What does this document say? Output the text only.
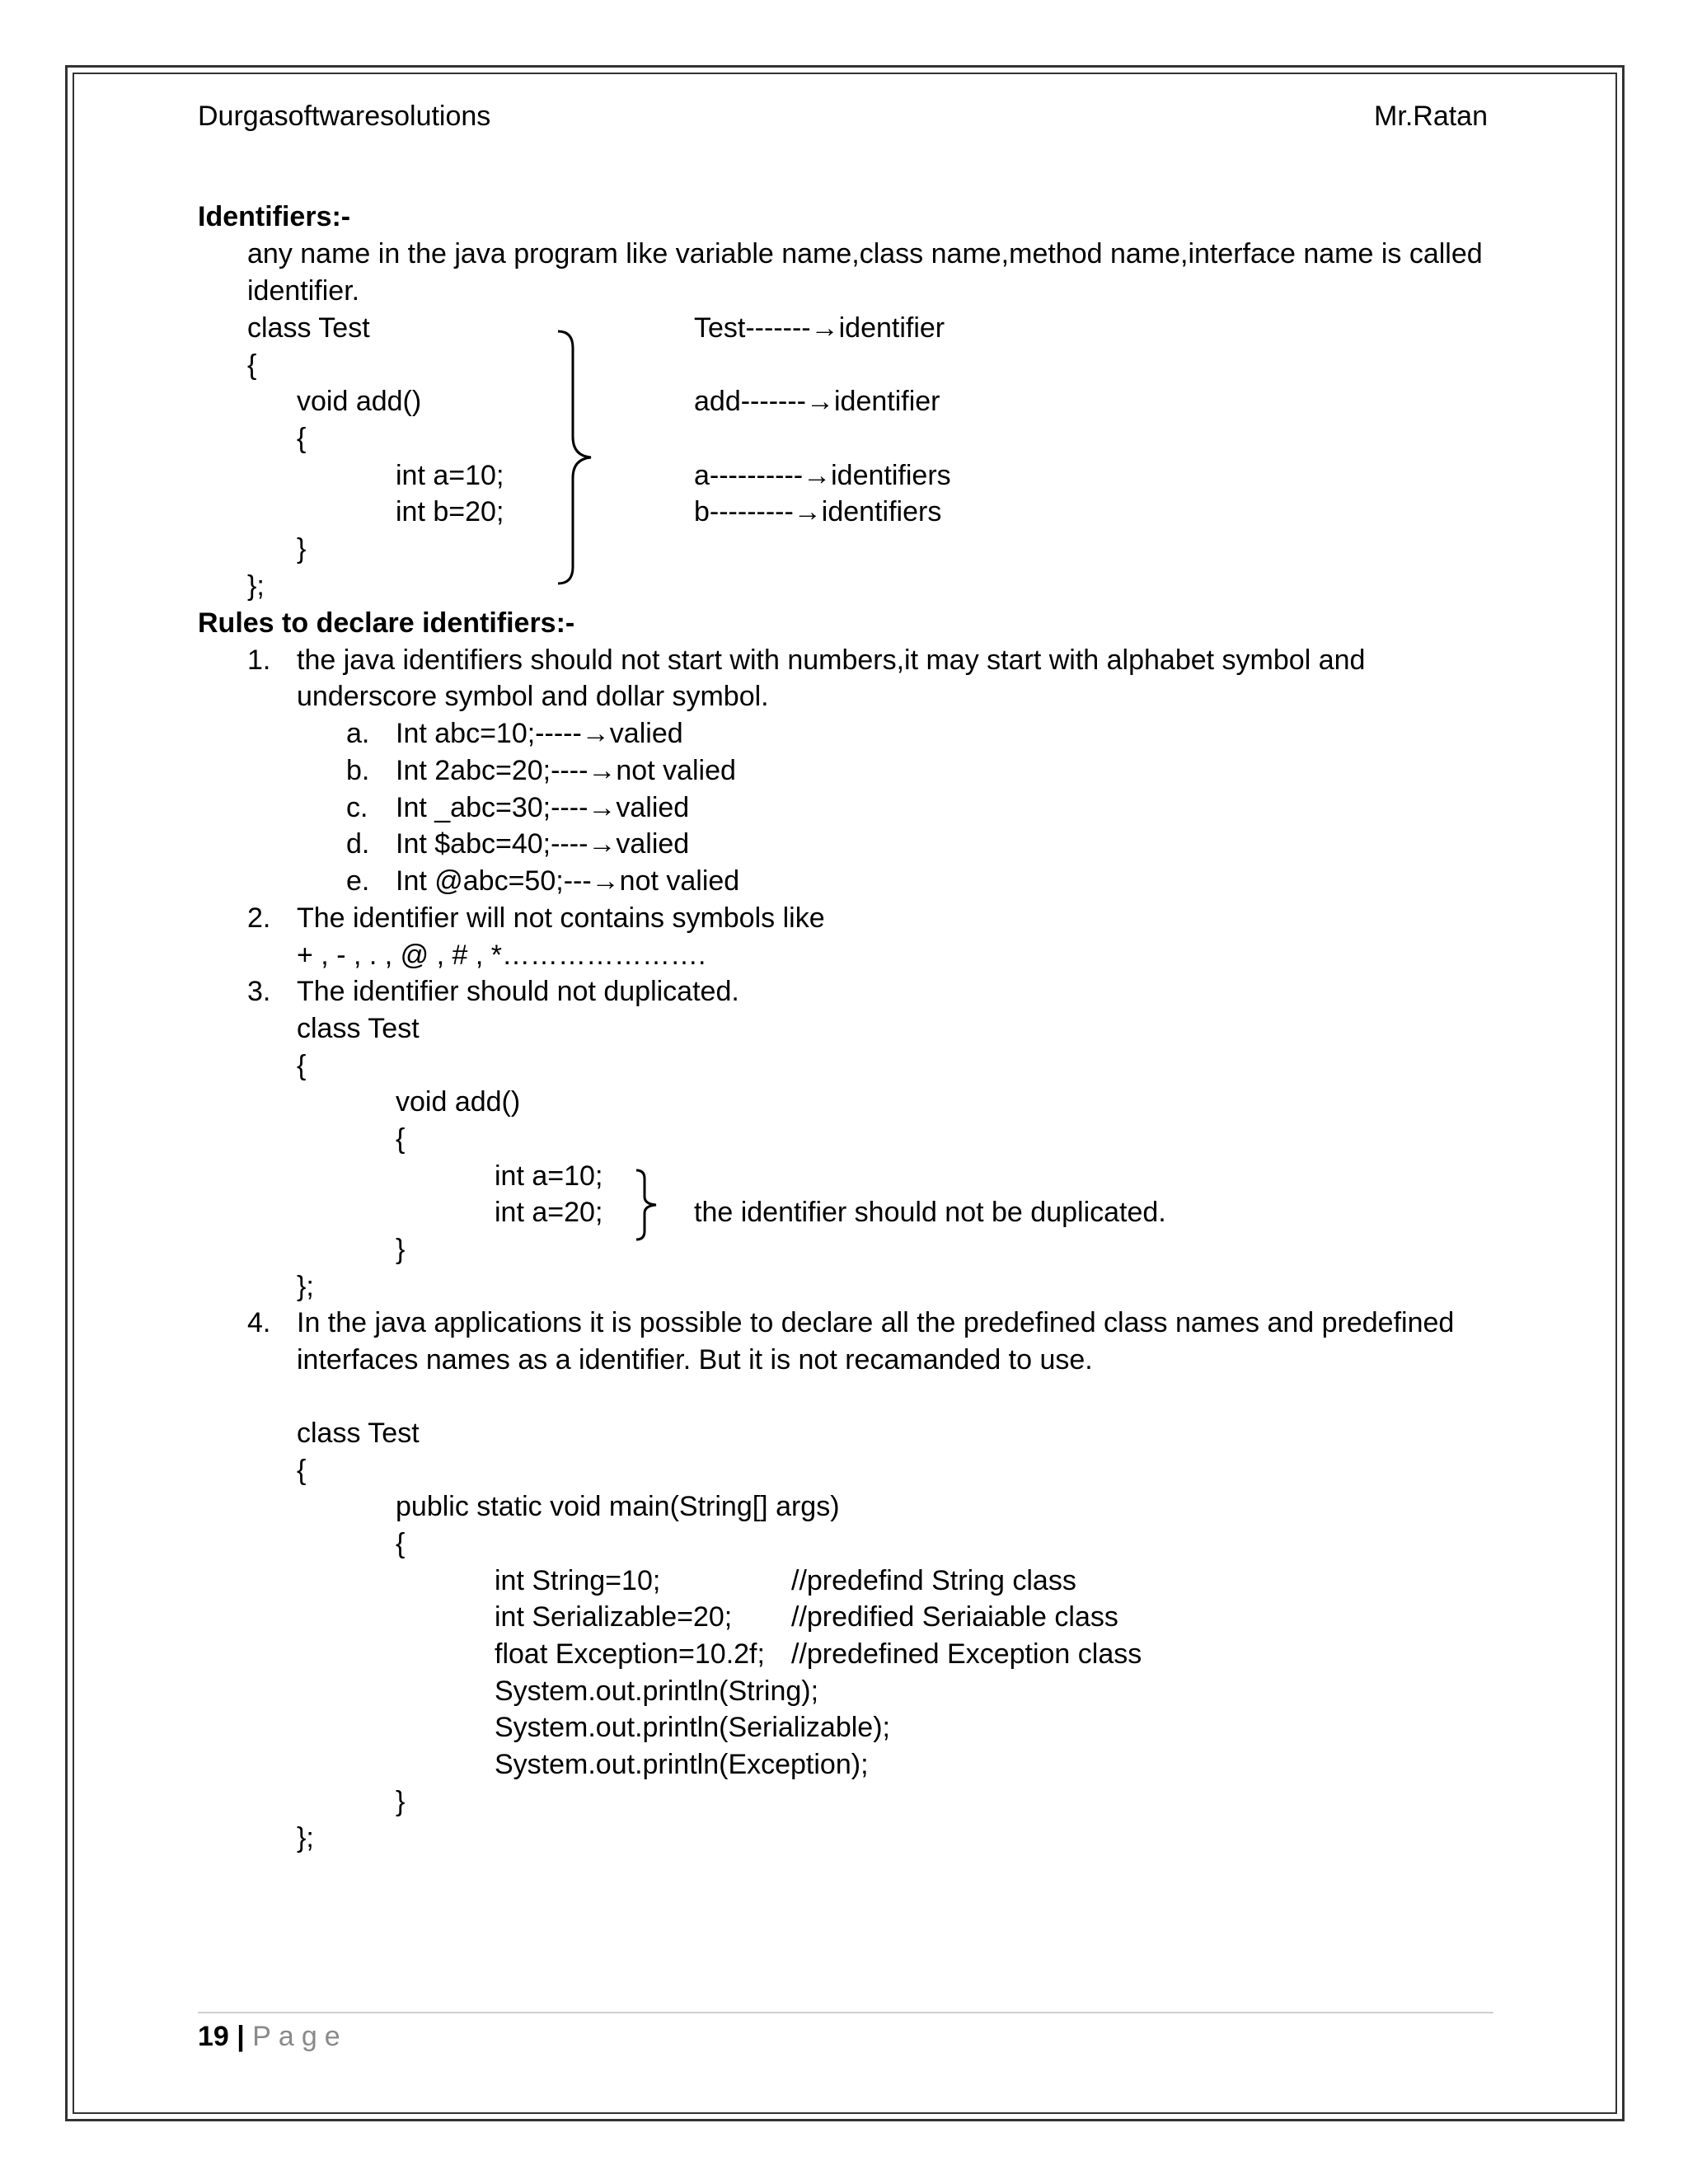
Durgasoftwaresolutions	Mr.Ratan
Identifiers:-
any name in the java program like variable name,class name,method name,interface name is called
identifier.
class Test
{
void add()
{
int a=10;
int b=20;
}
};
Test-------→identifier
add-------→identifier
a----------→identifiers
b---------→identifiers
Rules to declare identifiers:-
1. the java identifiers should not start with numbers,it may start with alphabet symbol and
underscore symbol and dollar symbol.
a. Int abc=10;-----→valied
b. Int 2abc=20;----→not valied
c. Int _abc=30;----→valied
d. Int $abc=40;----→valied
e. Int @abc=50;---→not valied
2. The identifier will not contains symbols like
+ , - , . , @ , # , *………………….
3. The identifier should not duplicated.
class Test
{
void add()
{
int a=10;
int a=20;
}
};
the identifier should not be duplicated.
4. In the java applications it is possible to declare all the predefined class names and predefined
interfaces names as a identifier. But it is not recamanded to use.
class Test
{
public static void main(String[] args)
{
int String=10;	//predefind String class
int Serializable=20; //predified Seriaiable class
float Exception=10.2f; //predefined Exception class
System.out.println(String);
System.out.println(Serializable);
System.out.println(Exception);
}
};
19 | Page
